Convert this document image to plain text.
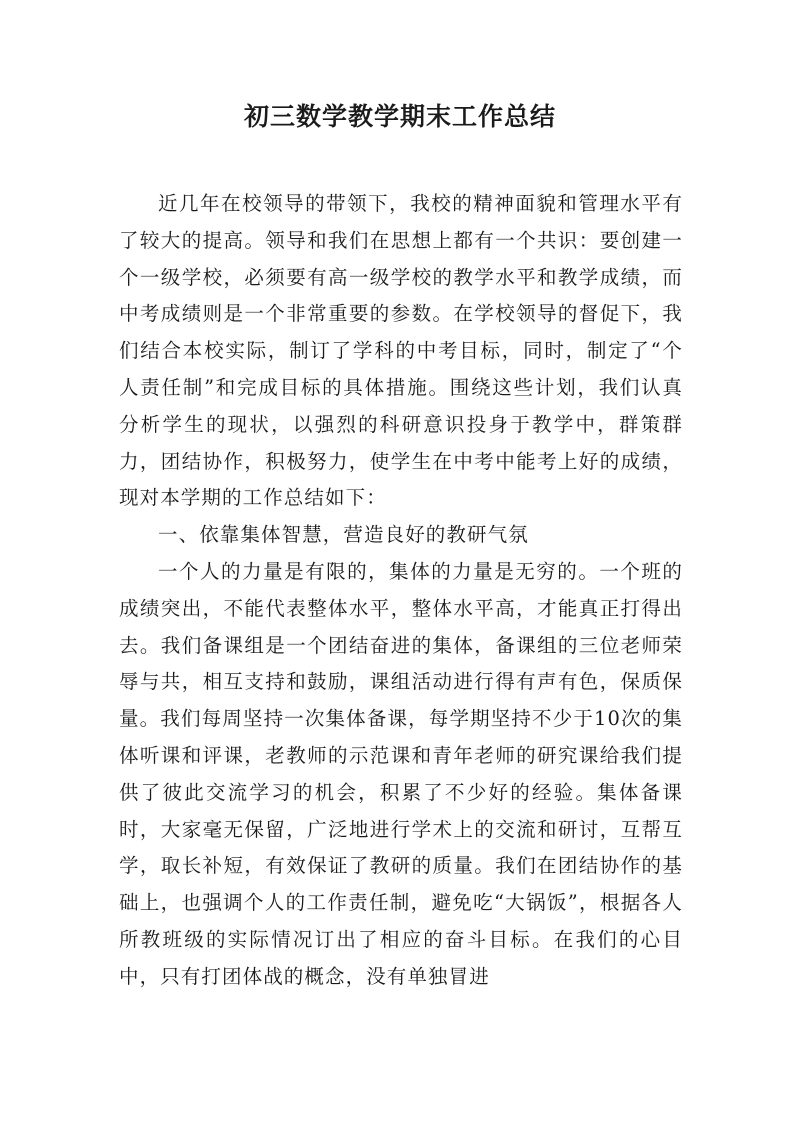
初三数学教学期末工作总结

近几年在校领导的带领下，我校的精神面貌和管理水平有了较大的提高。领导和我们在思想上都有一个共识：要创建一个一级学校，必须要有高一级学校的教学水平和教学成绩，而中考成绩则是一个非常重要的参数。在学校领导的督促下，我们结合本校实际，制订了学科的中考目标，同时，制定了“个人责任制”和完成目标的具体措施。围绕这些计划，我们认真分析学生的现状，以强烈的科研意识投身于教学中，群策群力，团结协作，积极努力，使学生在中考中能考上好的成绩，现对本学期的工作总结如下：

一、依靠集体智慧，营造良好的教研气氛

一个人的力量是有限的，集体的力量是无穷的。一个班的成绩突出，不能代表整体水平，整体水平高，才能真正打得出去。我们备课组是一个团结奋进的集体，备课组的三位老师荣辱与共，相互支持和鼓励，课组活动进行得有声有色，保质保量。我们每周坚持一次集体备课，每学期坚持不少于10次的集体听课和评课，老教师的示范课和青年老师的研究课给我们提供了彼此交流学习的机会，积累了不少好的经验。集体备课时，大家毫无保留，广泛地进行学术上的交流和研讨，互帮互学，取长补短，有效保证了教研的质量。我们在团结协作的基础上，也强调个人的工作责任制，避免吃“大锅饭”，根据各人所教班级的实际情况订出了相应的奋斗目标。在我们的心目中，只有打团体战的概念，没有单独冒进
